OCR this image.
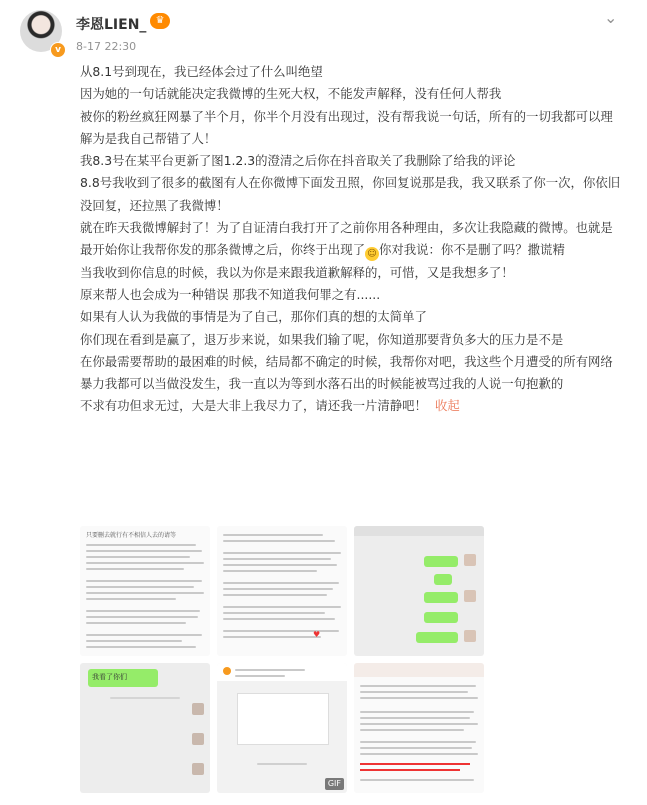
v
李恩LIEN_ ♛
8-17 22:30
⌄

从8.1号到现在，我已经体会过了什么叫绝望

因为她的一句话就能决定我微博的生死大权，不能发声解释，没有任何人帮我

被你的粉丝疯狂网暴了半个月，你半个月没有出现过，没有帮我说一句话，所有的一切我都可以理解为是我自己帮错了人！

我8.3号在某平台更新了图1.2.3的澄清之后你在抖音取关了我删除了给我的评论

8.8号我收到了很多的截图有人在你微博下面发丑照，你回复说那是我，我又联系了你一次，你依旧没回复，还拉黑了我微博！

就在昨天我微博解封了！为了自证清白我打开了之前你用各种理由，多次让我隐藏的微博。也就是最开始你让我帮你发的那条微博之后，你终于出现了 ☺ 你对我说：你不是删了吗？撒谎精

当我收到你信息的时候，我以为你是来跟我道歉解释的，可惜，又是我想多了！

原来帮人也会成为一种错误 那我不知道我何罪之有......

如果有人认为我做的事情是为了自己，那你们真的想的太简单了

你们现在看到是赢了，退万步来说，如果我们输了呢，你知道那要背负多大的压力是不是

在你最需要帮助的最困难的时候，结局都不确定的时候，我帮你对吧，我这些个月遭受的所有网络暴力我都可以当做没发生，我一直以为等到水落石出的时候能被骂过我的人说一句抱歉的

不求有功但求无过，大是大非上我尽力了，请还我一片清静吧！ 收起

只要删去就行有不相信人去的请等
♥
我看了你们
GIF
